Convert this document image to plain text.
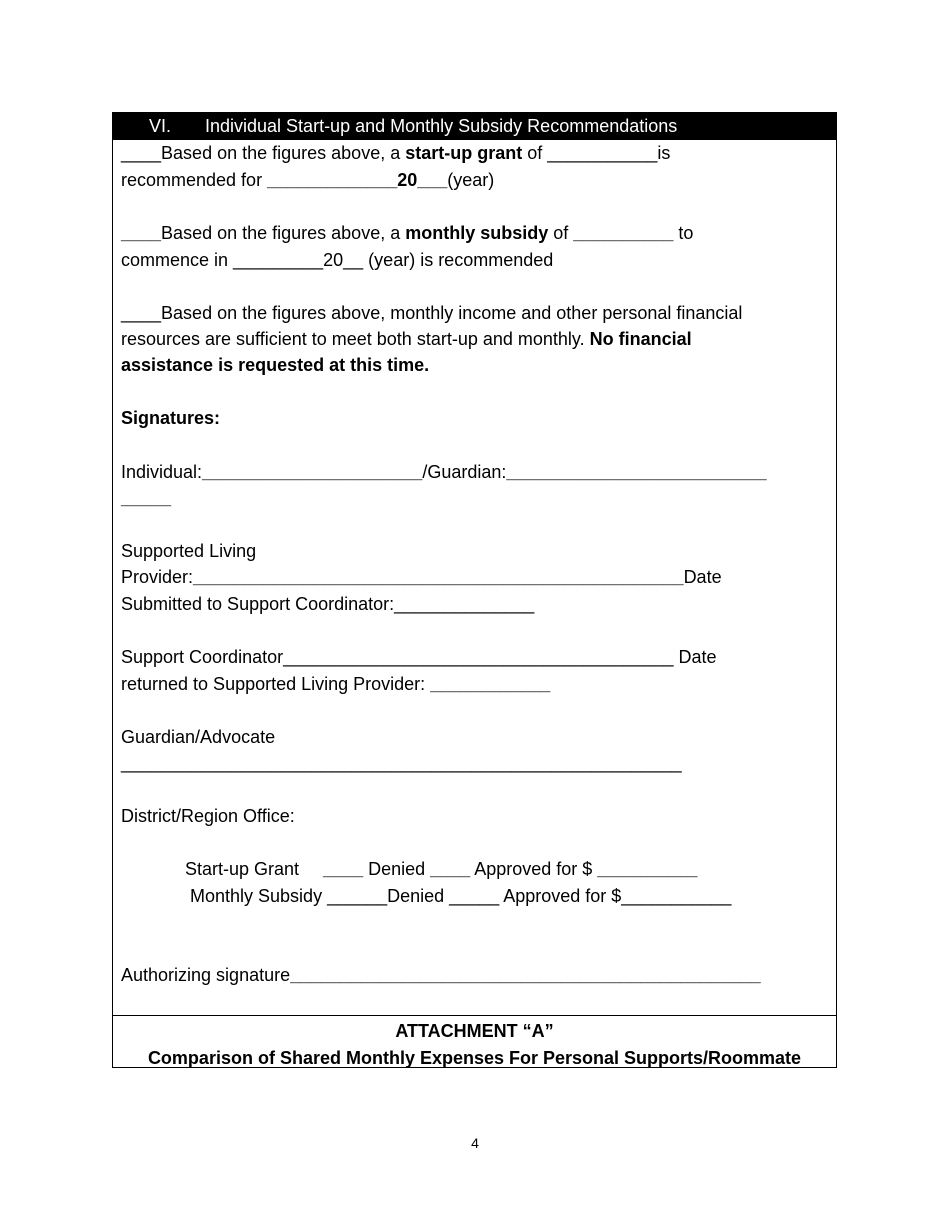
VI. Individual Start-up and Monthly Subsidy Recommendations
____Based on the figures above, a start-up grant of ___________is
recommended for _____________20___(year)
____Based on the figures above, a monthly subsidy of __________ to
commence in _________20__ (year) is recommended
____Based on the figures above, monthly income and other personal financial
resources are sufficient to meet both start-up and monthly. No financial
assistance is requested at this time.
Signatures:
Individual:______________________/Guardian:__________________________
_____
Supported Living
Provider:_________________________________________________Date
Submitted to Support Coordinator:______________
Support Coordinator_______________________________________ Date
returned to Supported Living Provider: ____________
Guardian/Advocate
________________________________________________________
District/Region Office:
Start-up Grant ____ Denied ____ Approved for $ __________
Monthly Subsidy ______Denied _____ Approved for $___________
Authorizing signature_______________________________________________
ATTACHMENT “A”
Comparison of Shared Monthly Expenses For Personal Supports/Roommate
4
